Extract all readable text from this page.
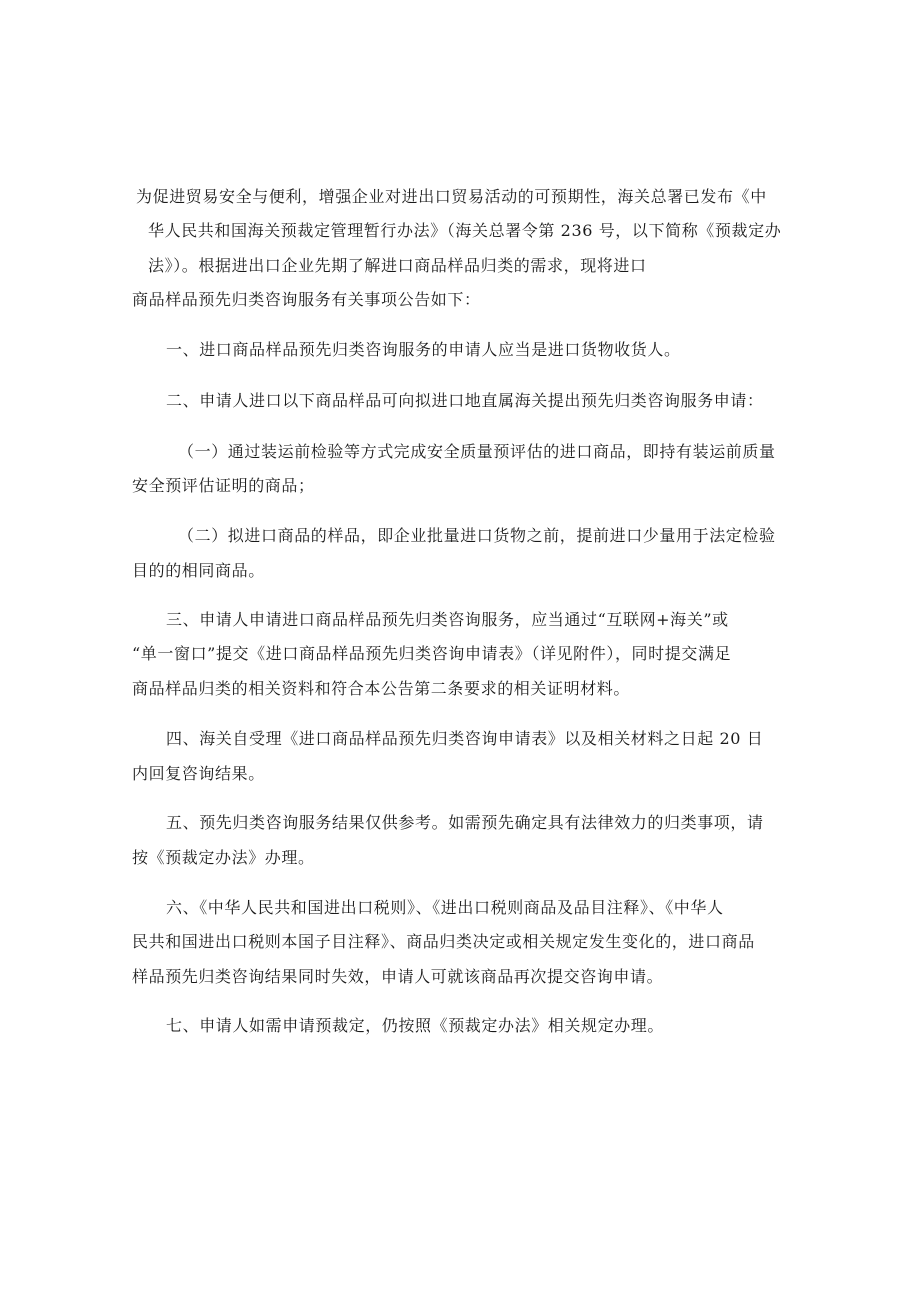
为促进贸易安全与便利，增强企业对进出口贸易活动的可预期性，海关总署已发布《中
华人民共和国海关预裁定管理暂行办法》（海关总署令第 236 号，以下简称《预裁定办
法》）。根据进出口企业先期了解进口商品样品归类的需求，现将进口
商品样品预先归类咨询服务有关事项公告如下：
一、进口商品样品预先归类咨询服务的申请人应当是进口货物收货人。
二、申请人进口以下商品样品可向拟进口地直属海关提出预先归类咨询服务申请：
（一）通过装运前检验等方式完成安全质量预评估的进口商品，即持有装运前质量
安全预评估证明的商品；
（二）拟进口商品的样品，即企业批量进口货物之前，提前进口少量用于法定检验
目的的相同商品。
三、申请人申请进口商品样品预先归类咨询服务，应当通过“互联网+海关”或
“单一窗口”提交《进口商品样品预先归类咨询申请表》（详见附件），同时提交满足
商品样品归类的相关资料和符合本公告第二条要求的相关证明材料。
四、海关自受理《进口商品样品预先归类咨询申请表》以及相关材料之日起 20 日
内回复咨询结果。
五、预先归类咨询服务结果仅供参考。如需预先确定具有法律效力的归类事项，请
按《预裁定办法》办理。
六、《中华人民共和国进出口税则》、《进出口税则商品及品目注释》、《中华人
民共和国进出口税则本国子目注释》、商品归类决定或相关规定发生变化的，进口商品
样品预先归类咨询结果同时失效，申请人可就该商品再次提交咨询申请。
七、申请人如需申请预裁定，仍按照《预裁定办法》相关规定办理。
